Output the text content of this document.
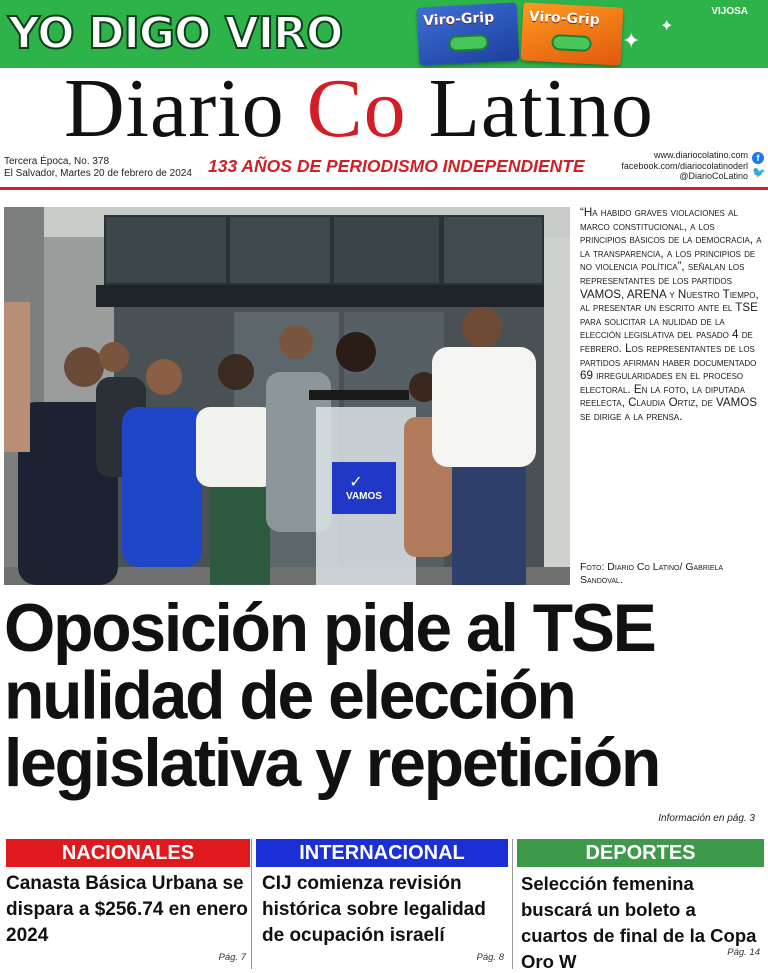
YO DIGO VIRO	Viro-Grip Viro-Grip
✦
✦
VIJOSA
Diario Co Latino
Tercera Época, No. 378
El Salvador, Martes 20 de febrero de 2024 133 AÑOS DE PERIODISMO INDEPENDIENTE
www.diariocolatino.com
facebook.com/diariocolatinoderl
@DiarioCoLatino
f
🐦
VAMOS
✓
“Ha habido graves violaciones al marco constitucional, a los principios básicos de la democracia, a la transparencia, a los principios de no violencia política”, señalan los representantes de los partidos VAMOS, ARENA y Nuestro Tiempo, al presentar un escrito ante el TSE para solicitar la nulidad de la elección legislativa del pasado 4 de febrero. Los representantes de los partidos afirman haber documentado 69 irregularidades en el proceso electoral. En la foto, la diputada reelecta, Claudia Ortiz, de VAMOS se dirige a la prensa.
Foto: Diario Co Latino/ Gabriela Sandoval.
Oposición pide al TSE
nulidad de elección
legislativa y repetición
Información en pág. 3
NACIONALES
Canasta Básica Urbana se dispara a $256.74 en enero 2024
Pág. 7
INTERNACIONAL
CIJ comienza revisión histórica sobre legalidad de ocupación israelí
Pág. 8
DEPORTES
Selección femenina buscará un boleto a cuartos de final de la Copa Oro W	Pág. 14
